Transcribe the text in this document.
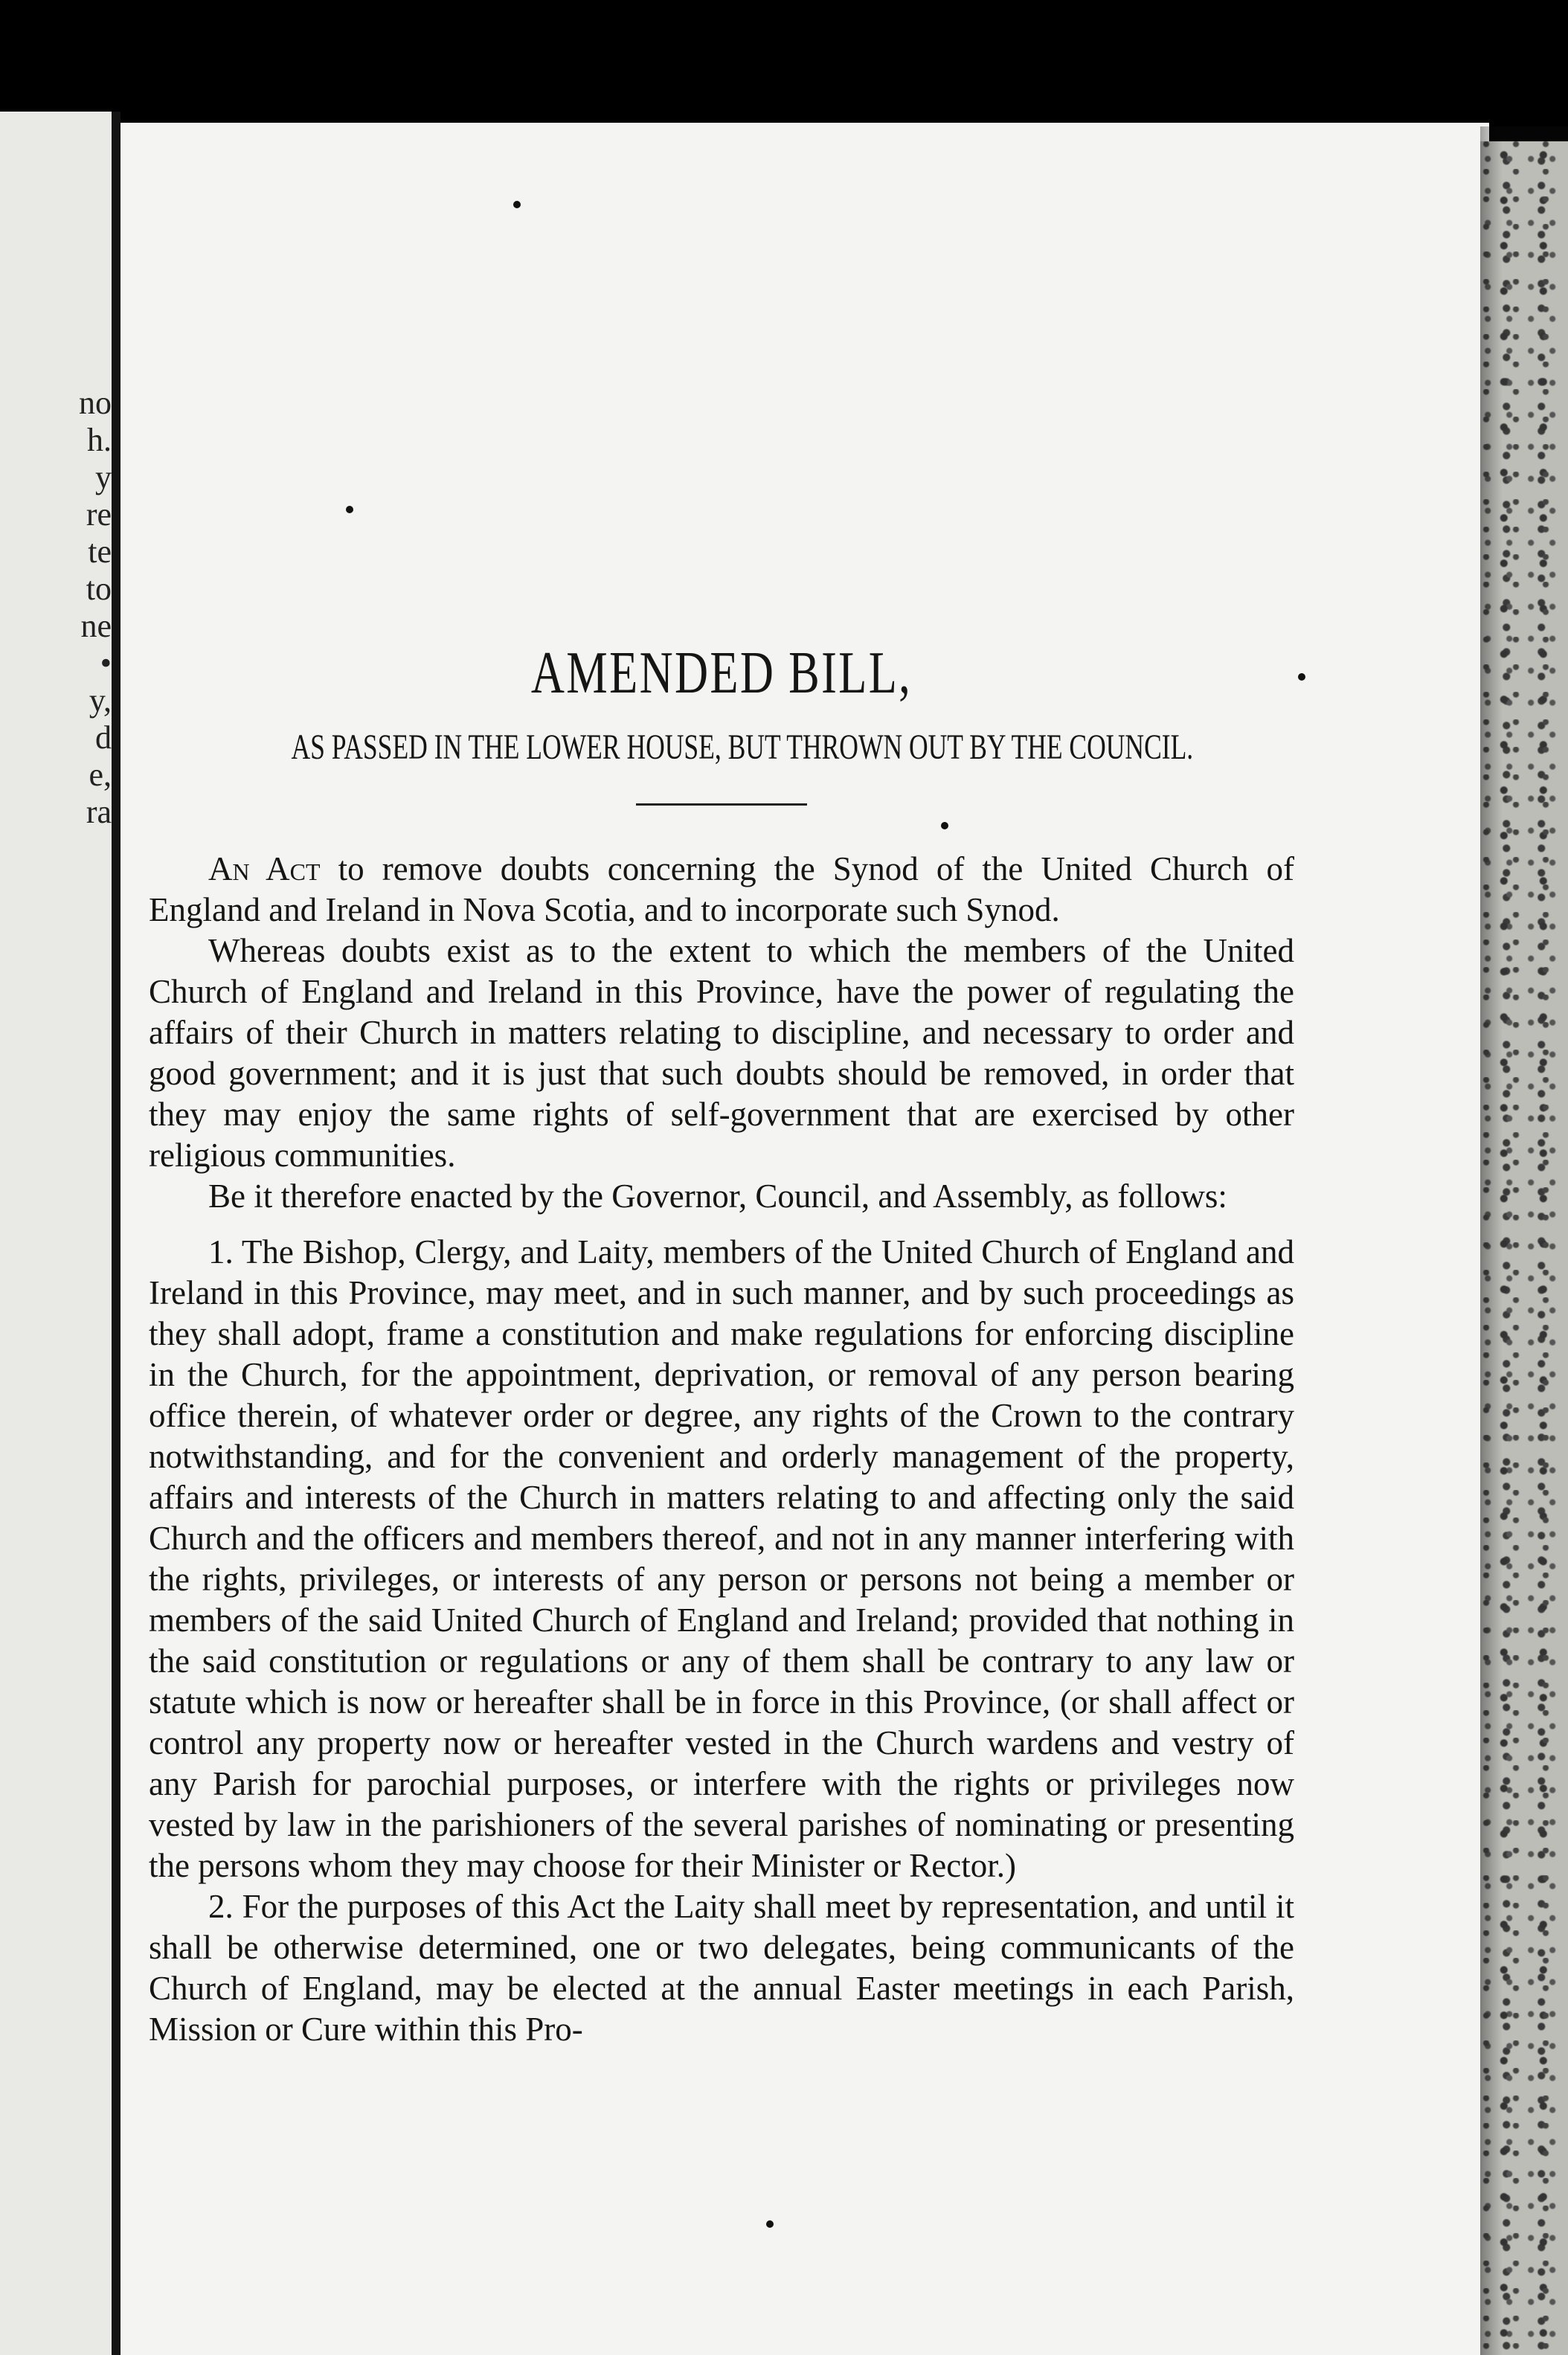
no
h.
y
re
te
to
ne
•
y,
d
e,
ra
AMENDED BILL,
AS PASSED IN THE LOWER HOUSE, BUT THROWN OUT BY THE COUNCIL.

An Act to remove doubts concerning the Synod of the United Church of England and Ireland in Nova Scotia, and to incorporate such Synod.

Whereas doubts exist as to the extent to which the members of the United Church of England and Ireland in this Province, have the power of regulating the affairs of their Church in matters relating to discipline, and necessary to order and good government; and it is just that such doubts should be removed, in order that they may enjoy the same rights of self-government that are exercised by other religious communities.

Be it therefore enacted by the Governor, Council, and Assembly, as follows:

1. The Bishop, Clergy, and Laity, members of the United Church of England and Ireland in this Province, may meet, and in such manner, and by such proceedings as they shall adopt, frame a constitution and make regulations for enforcing discipline in the Church, for the appointment, deprivation, or removal of any person bearing office therein, of whatever order or degree, any rights of the Crown to the contrary notwithstanding, and for the convenient and orderly management of the property, affairs and interests of the Church in matters relating to and affecting only the said Church and the officers and members thereof, and not in any manner interfering with the rights, privileges, or interests of any person or persons not being a member or members of the said United Church of England and Ireland; provided that nothing in the said constitution or regulations or any of them shall be contrary to any law or statute which is now or hereafter shall be in force in this Province, (or shall affect or control any property now or hereafter vested in the Church wardens and vestry of any Parish for parochial purposes, or interfere with the rights or privileges now vested by law in the parishioners of the several parishes of nominating or presenting the persons whom they may choose for their Minister or Rector.)

2. For the purposes of this Act the Laity shall meet by representation, and until it shall be otherwise determined, one or two delegates, being communicants of the Church of England, may be elected at the annual Easter meetings in each Parish, Mission or Cure within this Pro-
